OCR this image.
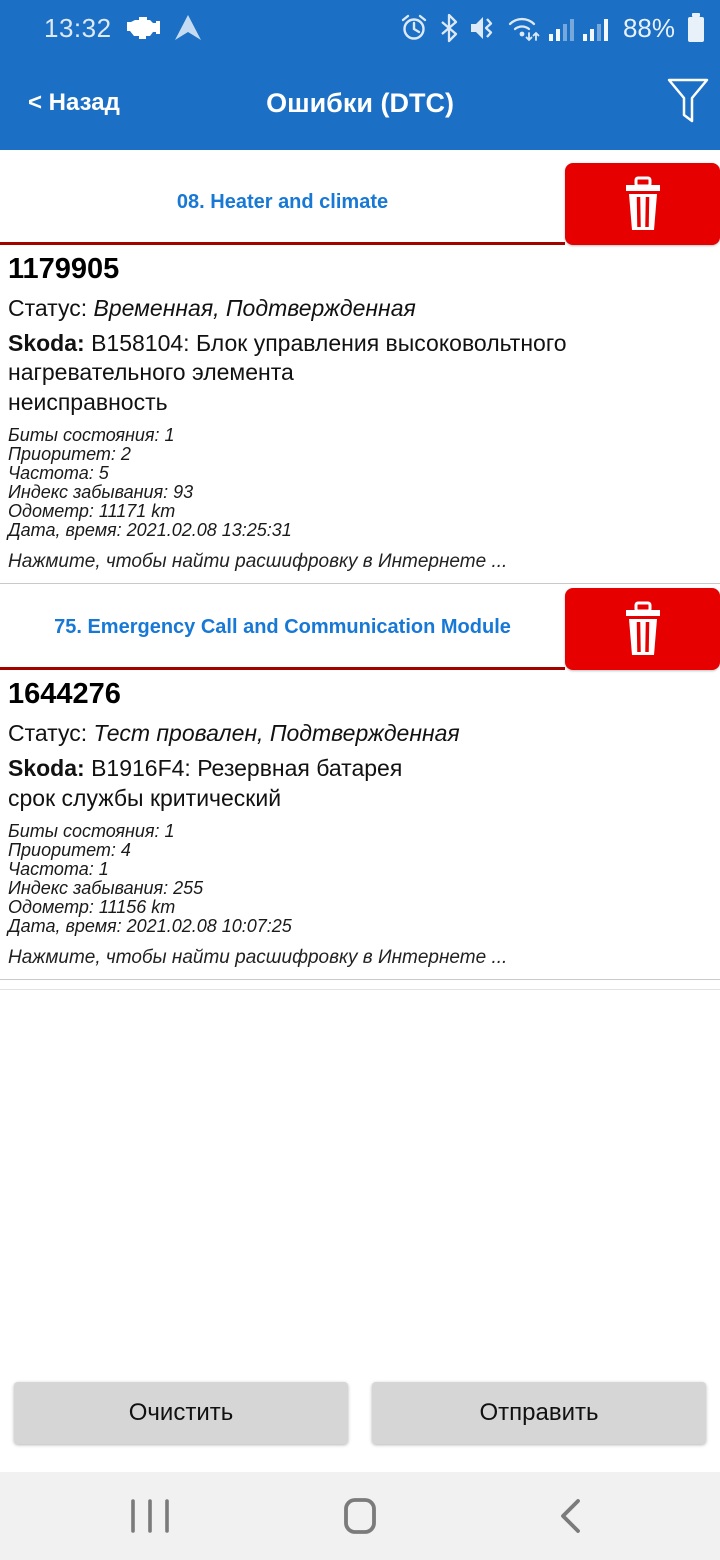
13:32	88%
< Назад	Ошибки (DTC)
08. Heater and climate
1179905
Статус: Временная, Подтвержденная
Skoda: B158104: Блок управления высоковольтного нагревательного элемента
неисправность
Биты состояния: 1
Приоритет: 2
Частота: 5
Индекс забывания: 93
Одометр: 11171 km
Дата, время: 2021.02.08 13:25:31
Нажмите, чтобы найти расшифровку в Интернете ...
75. Emergency Call and Communication Module
1644276
Статус: Тест провален, Подтвержденная
Skoda: B1916F4: Резервная батарея
срок службы критический
Биты состояния: 1
Приоритет: 4
Частота: 1
Индекс забывания: 255
Одометр: 11156 km
Дата, время: 2021.02.08 10:07:25
Нажмите, чтобы найти расшифровку в Интернете ...
Очистить	Отправить
